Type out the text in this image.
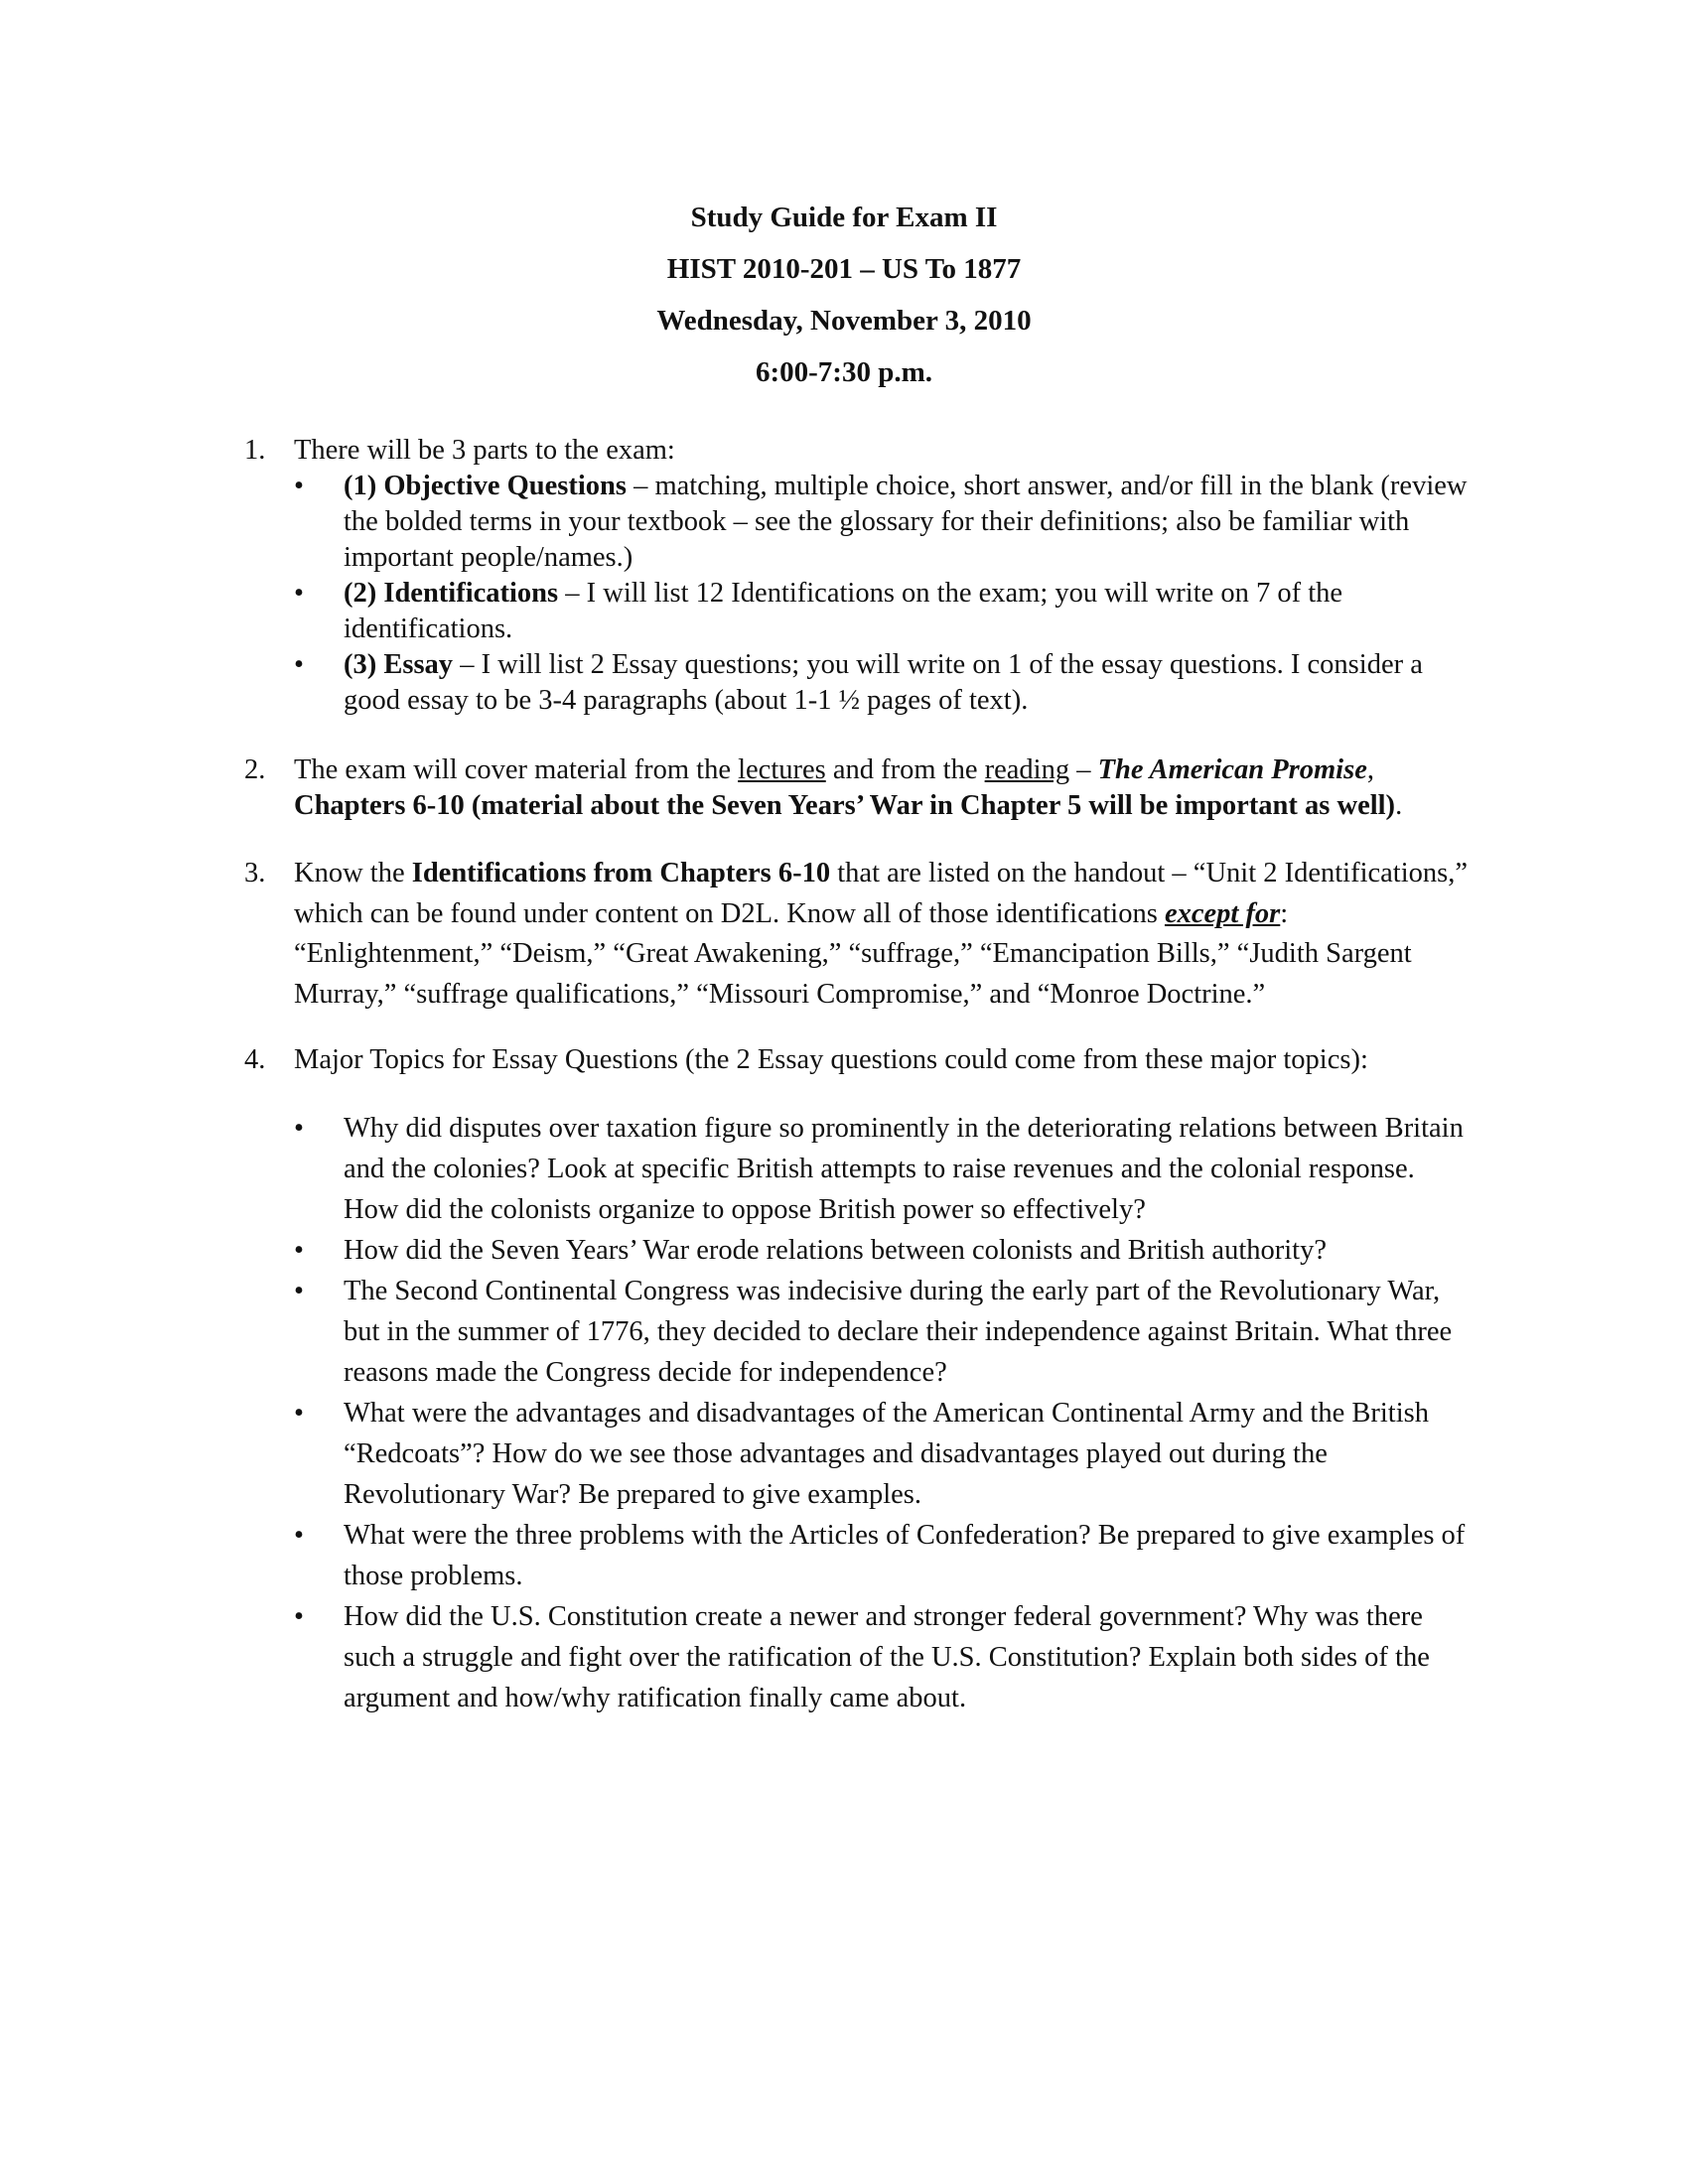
Study Guide for Exam II
HIST 2010-201 – US To 1877
Wednesday, November 3, 2010
6:00-7:30 p.m.
1. There will be 3 parts to the exam:
• (1) Objective Questions – matching, multiple choice, short answer, and/or fill in the blank (review the bolded terms in your textbook – see the glossary for their definitions; also be familiar with important people/names.)
• (2) Identifications – I will list 12 Identifications on the exam; you will write on 7 of the identifications.
• (3) Essay – I will list 2 Essay questions; you will write on 1 of the essay questions. I consider a good essay to be 3-4 paragraphs (about 1-1 ½ pages of text).
2. The exam will cover material from the lectures and from the reading – The American Promise, Chapters 6-10 (material about the Seven Years’ War in Chapter 5 will be important as well).
3. Know the Identifications from Chapters 6-10 that are listed on the handout – “Unit 2 Identifications,” which can be found under content on D2L. Know all of those identifications except for: “Enlightenment,” “Deism,” “Great Awakening,” “suffrage,” “Emancipation Bills,” “Judith Sargent Murray,” “suffrage qualifications,” “Missouri Compromise,” and “Monroe Doctrine.”
4. Major Topics for Essay Questions (the 2 Essay questions could come from these major topics):
• Why did disputes over taxation figure so prominently in the deteriorating relations between Britain and the colonies? Look at specific British attempts to raise revenues and the colonial response. How did the colonists organize to oppose British power so effectively?
• How did the Seven Years’ War erode relations between colonists and British authority?
• The Second Continental Congress was indecisive during the early part of the Revolutionary War, but in the summer of 1776, they decided to declare their independence against Britain. What three reasons made the Congress decide for independence?
• What were the advantages and disadvantages of the American Continental Army and the British “Redcoats”? How do we see those advantages and disadvantages played out during the Revolutionary War? Be prepared to give examples.
• What were the three problems with the Articles of Confederation? Be prepared to give examples of those problems.
• How did the U.S. Constitution create a newer and stronger federal government? Why was there such a struggle and fight over the ratification of the U.S. Constitution? Explain both sides of the argument and how/why ratification finally came about.
